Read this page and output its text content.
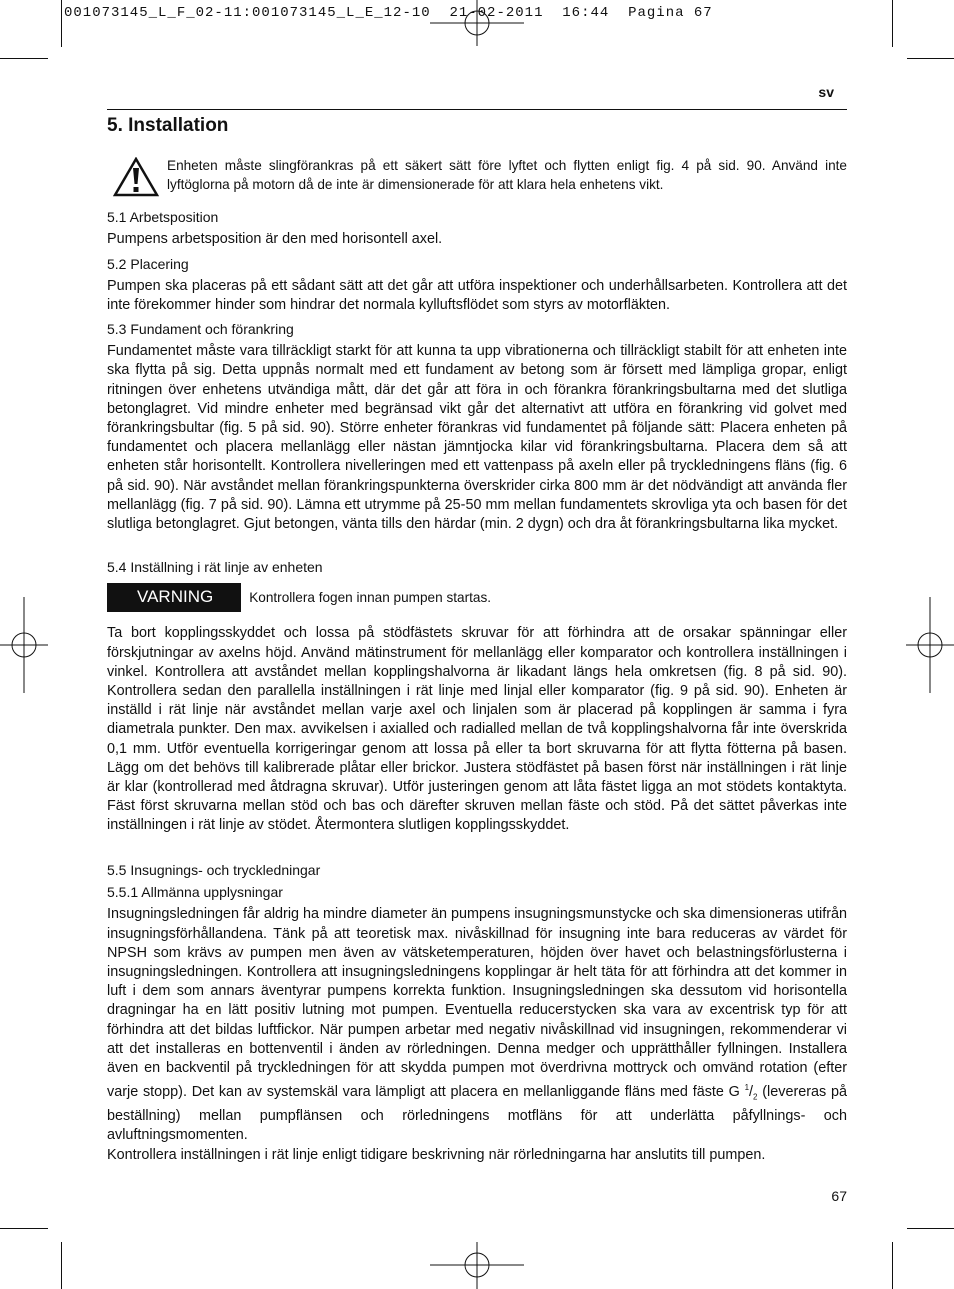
001073145_L_F_02-11:001073145_L_E_12-10  21-02-2011  16:44  Pagina 67
sv
5. Installation
Enheten måste slingförankras på ett säkert sätt före lyftet och flytten enligt fig. 4 på sid. 90. Använd inte lyftöglorna på motorn då de inte är dimensionerade för att klara hela enhetens vikt.

5.1 Arbetsposition

Pumpens arbetsposition är den med horisontell axel.

5.2 Placering

Pumpen ska placeras på ett sådant sätt att det går att utföra inspektioner och underhållsarbeten. Kontrollera att det inte förekommer hinder som hindrar det normala kylluftsflödet som styrs av motorfläkten.

5.3 Fundament och förankring

Fundamentet måste vara tillräckligt starkt för att kunna ta upp vibrationerna och tillräckligt stabilt för att enheten inte ska flytta på sig. Detta uppnås normalt med ett fundament av betong som är försett med lämpliga gropar, enligt ritningen över enhetens utvändiga mått, där det går att föra in och förankra förankringsbultarna med det slutliga betonglagret. Vid mindre enheter med begränsad vikt går det alternativt att utföra en förankring vid golvet med förankringsbultar (fig. 5 på sid. 90). Större enheter förankras vid fundamentet på följande sätt: Placera enheten på fundamentet och placera mellanlägg eller nästan jämntjocka kilar vid förankringsbultarna. Placera dem så att enheten står horisontellt. Kontrollera nivelleringen med ett vattenpass på axeln eller på tryckledningens fläns (fig. 6 på sid. 90). När avståndet mellan förankringspunkterna överskrider cirka 800 mm är det nödvändigt att använda fler mellanlägg (fig. 7 på sid. 90). Lämna ett utrymme på 25-50 mm mellan fundamentets skrovliga yta och basen för det slutliga betonglagret. Gjut betongen, vänta tills den härdar (min. 2 dygn) och dra åt förankringsbultarna lika mycket.

5.4 Inställning i rät linje av enheten

VARNING	Kontrollera fogen innan pumpen startas.

Ta bort kopplingsskyddet och lossa på stödfästets skruvar för att förhindra att de orsakar spänningar eller förskjutningar av axelns höjd. Använd mätinstrument för mellanlägg eller komparator och kontrollera inställningen i vinkel. Kontrollera att avståndet mellan kopplingshalvorna är likadant längs hela omkretsen (fig. 8 på sid. 90). Kontrollera sedan den parallella inställningen i rät linje med linjal eller komparator (fig. 9 på sid. 90). Enheten är inställd i rät linje när avståndet mellan varje axel och linjalen som är placerad på kopplingen är samma i fyra diametrala punkter. Den max. avvikelsen i axialled och radialled mellan de två kopplingshalvorna får inte överskrida 0,1 mm. Utför eventuella korrigeringar genom att lossa på eller ta bort skruvarna för att flytta fötterna på basen. Lägg om det behövs till kalibrerade plåtar eller brickor. Justera stödfästet på basen först när inställningen i rät linje är klar (kontrollerad med åtdragna skruvar). Utför justeringen genom att låta fästet ligga an mot stödets kontaktyta. Fäst först skruvarna mellan stöd och bas och därefter skruven mellan fäste och stöd. På det sättet påverkas inte inställningen i rät linje av stödet. Återmontera slutligen kopplingsskyddet.

5.5 Insugnings- och tryckledningar

5.5.1 Allmänna upplysningar

Insugningsledningen får aldrig ha mindre diameter än pumpens insugningsmunstycke och ska dimensioneras utifrån insugningsförhållandena. Tänk på att teoretisk max. nivåskillnad för insugning inte bara reduceras av värdet för NPSH som krävs av pumpen men även av vätsketemperaturen, höjden över havet och belastningsförlusterna i insugningsledningen. Kontrollera att insugningsledningens kopplingar är helt täta för att förhindra att det kommer in luft i dem som annars äventyrar pumpens korrekta funktion. Insugningsledningen ska dessutom vid horisontella dragningar ha en lätt positiv lutning mot pumpen. Eventuella reducerstycken ska vara av excentrisk typ för att förhindra att det bildas luftfickor. När pumpen arbetar med negativ nivåskillnad vid insugningen, rekommenderar vi att det installeras en bottenventil i änden av rörledningen. Denna medger och upprätthåller fyllningen. Installera även en backventil på tryckledningen för att skydda pumpen mot överdrivna mottryck och omvänd rotation (efter varje stopp). Det kan av systemskäl vara lämpligt att placera en mellanliggande fläns med fäste G $^1/_2$ (levereras på beställning) mellan pumpflänsen och rörledningens motfläns för att underlätta påfyllnings- och avluftningsmomenten.

Kontrollera inställningen i rät linje enligt tidigare beskrivning när rörledningarna har anslutits till pumpen.

67
